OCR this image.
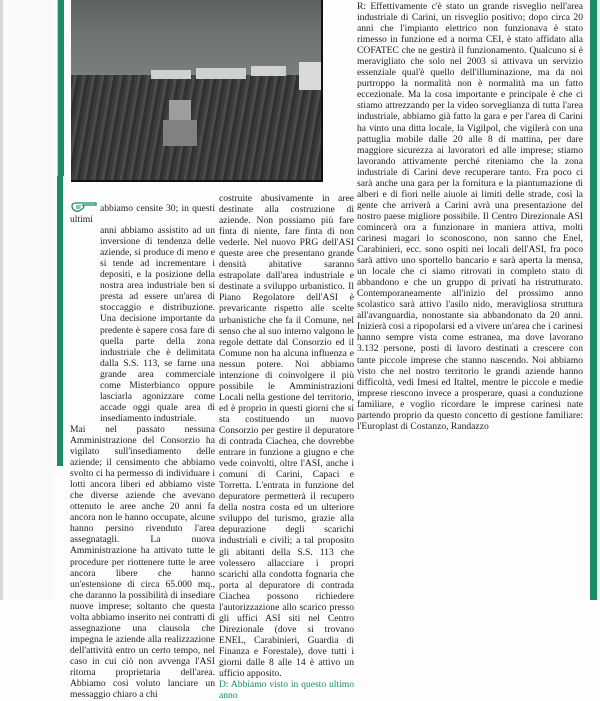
abbiamo censite 30; in questi ultimi

anni abbiamo assistito ad un inversione di tendenza delle aziende, si produce di meno e si tende ad incrementare i depositi, e la posizione della nostra area industriale ben si presta ad essere un'area di stoccaggio e distribuzione. Una decisione importante da predente è sapere cosa fare di quella parte della zona industriale che è delimitata dalla S.S. 113, se farne una grande area commerciale come Misterbianco oppure lasciarla agonizzare come accade oggi quale area di insediamento industriale.

Mai nel passato nessuna Amministrazione del Consorzio ha vigilato sull'insediamento delle aziende; il censimento che abbiamo svolto ci ha permesso di individuare i lotti ancora liberi ed abbiamo viste che diverse aziende che avevano ottenuto le aree anche 20 anni fa ancora non le hanno occupate, alcune hanno persino rivenduto l'area assegnatagli. La nuova Amministrazione ha attivato tutte le procedure per riottenere tutte le aree ancora libere che hanno un'estensione di circa 65.000 mq., che daranno la possibilità di insediare nuove imprese; soltanto che questa volta abbiamo inserito nei contratti di assegnazione una clausola che impegna le aziende alla realizzazione dell'attività entro un certo tempo, nel caso in cui ciò non avvenga l'ASI ritorna proprietaria dell'area. Abbiamo così voluto lanciare un messaggio chiaro a chi

costruite abusivamente in aree destinate alla costruzione di aziende. Non possiamo più fare finta di niente, fare finta di non vederle. Nel nuovo PRG dell'ASI queste aree che presentano grande densità abitative saranno estrapolate dall'area industriale e destinate a sviluppo urbanistico. Il Piano Regolatore dell'ASI è prevaricante rispetto alle scelte urbanistiche che fa il Comune, nel senso che al suo interno valgono le regole dettate dal Consorzio ed il Comune non ha alcuna influenza e nessun potere. Noi abbiamo intenzione di coinvolgere il più possibile le Amministrazioni Locali nella gestione del territorio, ed è proprio in questi giorni che si sta costituendo un nuovo Consorzio per gestire il depuratore di contrada Ciachea, che dovrebbe entrare in funzione a giugno e che vede coinvolti, oltre l'ASI, anche i comuni di Carini, Capaci e Torretta. L'entrata in funzione del depuratore permetterà il recupero della nostra costa ed un ulteriore sviluppo del turismo, grazie alla depurazione degli scarichi industriali e civili; a tal proposito gli abitanti della S.S. 113 che volessero allacciare i propri scarichi alla condotta fognaria che porta al depuratore di contrada Ciachea possono richiedere l'autorizzazione allo scarico presso gli uffici ASI siti nel Centro Direzionale (dove si trovano ENEL, Carabinieri, Guardia di Finanza e Forestale), dove tutti i giorni dalle 8 alle 14 è attivo un ufficio apposito.

D: Abbiamo visto in questo ultimo anno

R: Effettivamente c'è stato un grande risveglio nell'area industriale di Carini, un risveglio positivo; dopo circa 20 anni che l'impianto elettrico non funzionava è stato rimesso in funzione ed a norma CEI, è stato affidato alla COFATEC che ne gestirà il funzionamento. Qualcuno si è meravigliato che solo nel 2003 si attivava un servizio essenziale qual'è quello dell'illuminazione, ma da noi purtroppo la normalità non è normalità ma un fatto eccezionale. Ma la cosa importante e principale è che ci stiamo attrezzando per la video sorveglianza di tutta l'area industriale, abbiamo già fatto la gara e per l'area di Carini ha vinto una ditta locale, la Vigilpol, che vigilerà con una pattuglia mobile dalle 20 alle 8 di mattina, per dare maggiore sicurezza ai lavoratori ed alle imprese; stiamo lavorando attivamente perché riteniamo che la zona industriale di Carini deve recuperare tanto. Fra poco ci sarà anche una gara per la fornitura e la piantumazione di alberi e di fiori nelle aiuole ai limiti delle strade, così la gente che arriverà a Carini avrà una presentazione del nostro paese migliore possibile. Il Centro Direzionale ASI comincerà ora a funzionare in maniera attiva, molti carinesi magari lo sconoscono, non sanno che Enel, Carabinieri, ecc. sono ospiti nei locali dell'ASI, fra poco sarà attivo uno sportello bancario e sarà aperta la mensa, un locale che ci siamo ritrovati in completo stato di abbandono e che un gruppo di privati ha ristrutturato. Contemporaneamente all'inizio del prossimo anno scolastico sarà attivo l'asilo nido, meravigliosa struttura all'avanguardia, nonostante sia abbandonato da 20 anni. Inizierà così a ripopolarsi ed a vivere un'area che i carinesi hanno sempre vista come estranea, ma dove lavorano 3.132 persone, posti di lavoro destinati a crescere con tante piccole imprese che stanno nascendo. Noi abbiamo visto che nel nostro territorio le grandi aziende hanno difficoltà, vedi Imesi ed Italtel, mentre le piccole e medie imprese riescono invece a prosperare, quasi a conduzione familiare, e voglio ricordare le imprese carinesi nate partendo proprio da questo concetto di gestione familiare: l'Europlast di Costanzo, Randazzo
